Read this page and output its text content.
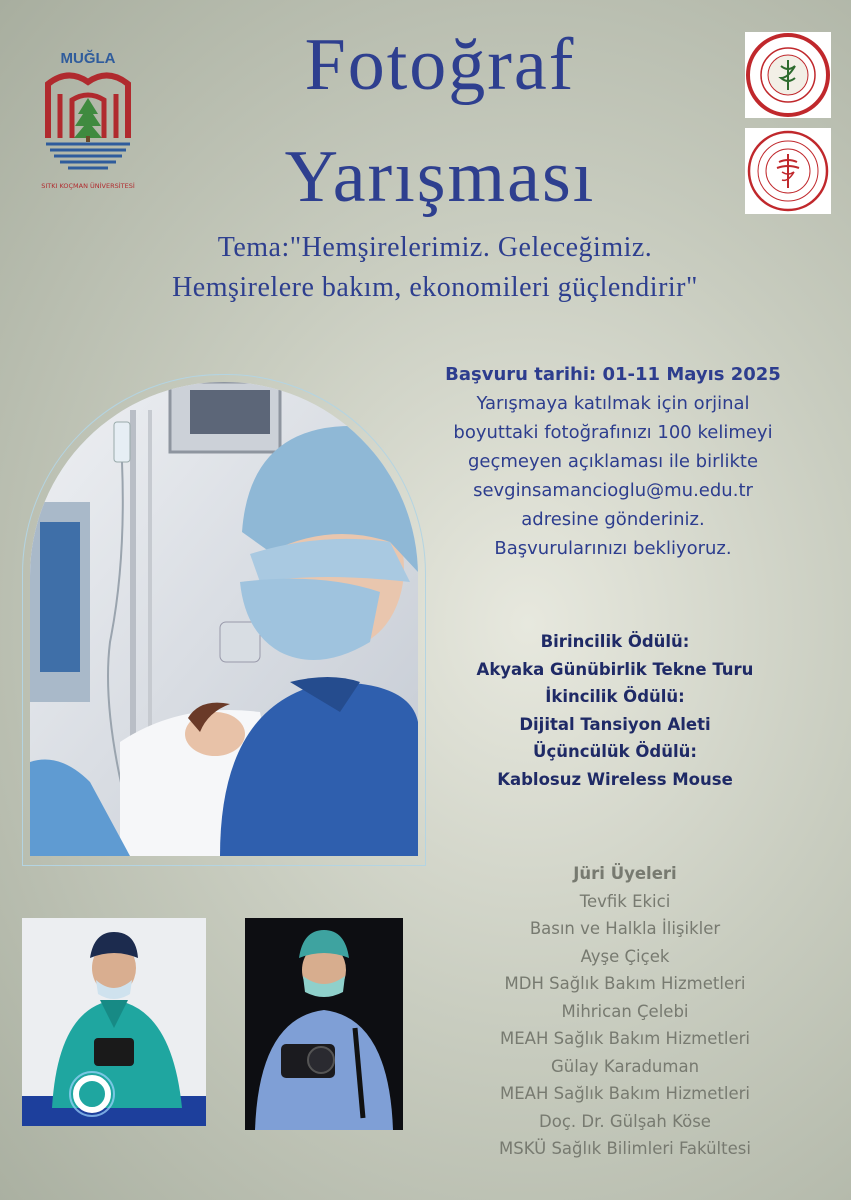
MUĞLA
SITKI KOÇMAN ÜNİVERSİTESİ
Fotoğraf
Yarışması
Tema:"Hemşirelerimiz. Geleceğimiz.
Hemşirelere bakım, ekonomileri güçlendirir"
Başvuru tarihi: 01-11 Mayıs 2025
Yarışmaya katılmak için orjinal
boyuttaki fotoğrafınızı 100 kelimeyi
geçmeyen açıklaması ile birlikte
sevginsamancioglu@mu.edu.tr
adresine gönderiniz.
Başvurularınızı bekliyoruz.
Birincilik Ödülü:
Akyaka Günübirlik Tekne Turu
İkincilik Ödülü:
Dijital Tansiyon Aleti
Üçüncülük Ödülü:
Kablosuz Wireless Mouse
Jüri Üyeleri
Tevfik Ekici
Basın ve Halkla İlişikler
Ayşe Çiçek
MDH Sağlık Bakım Hizmetleri
Mihrican Çelebi
MEAH Sağlık Bakım Hizmetleri
Gülay Karaduman
MEAH Sağlık Bakım Hizmetleri
Doç. Dr. Gülşah Köse
MSKÜ Sağlık Bilimleri Fakültesi
